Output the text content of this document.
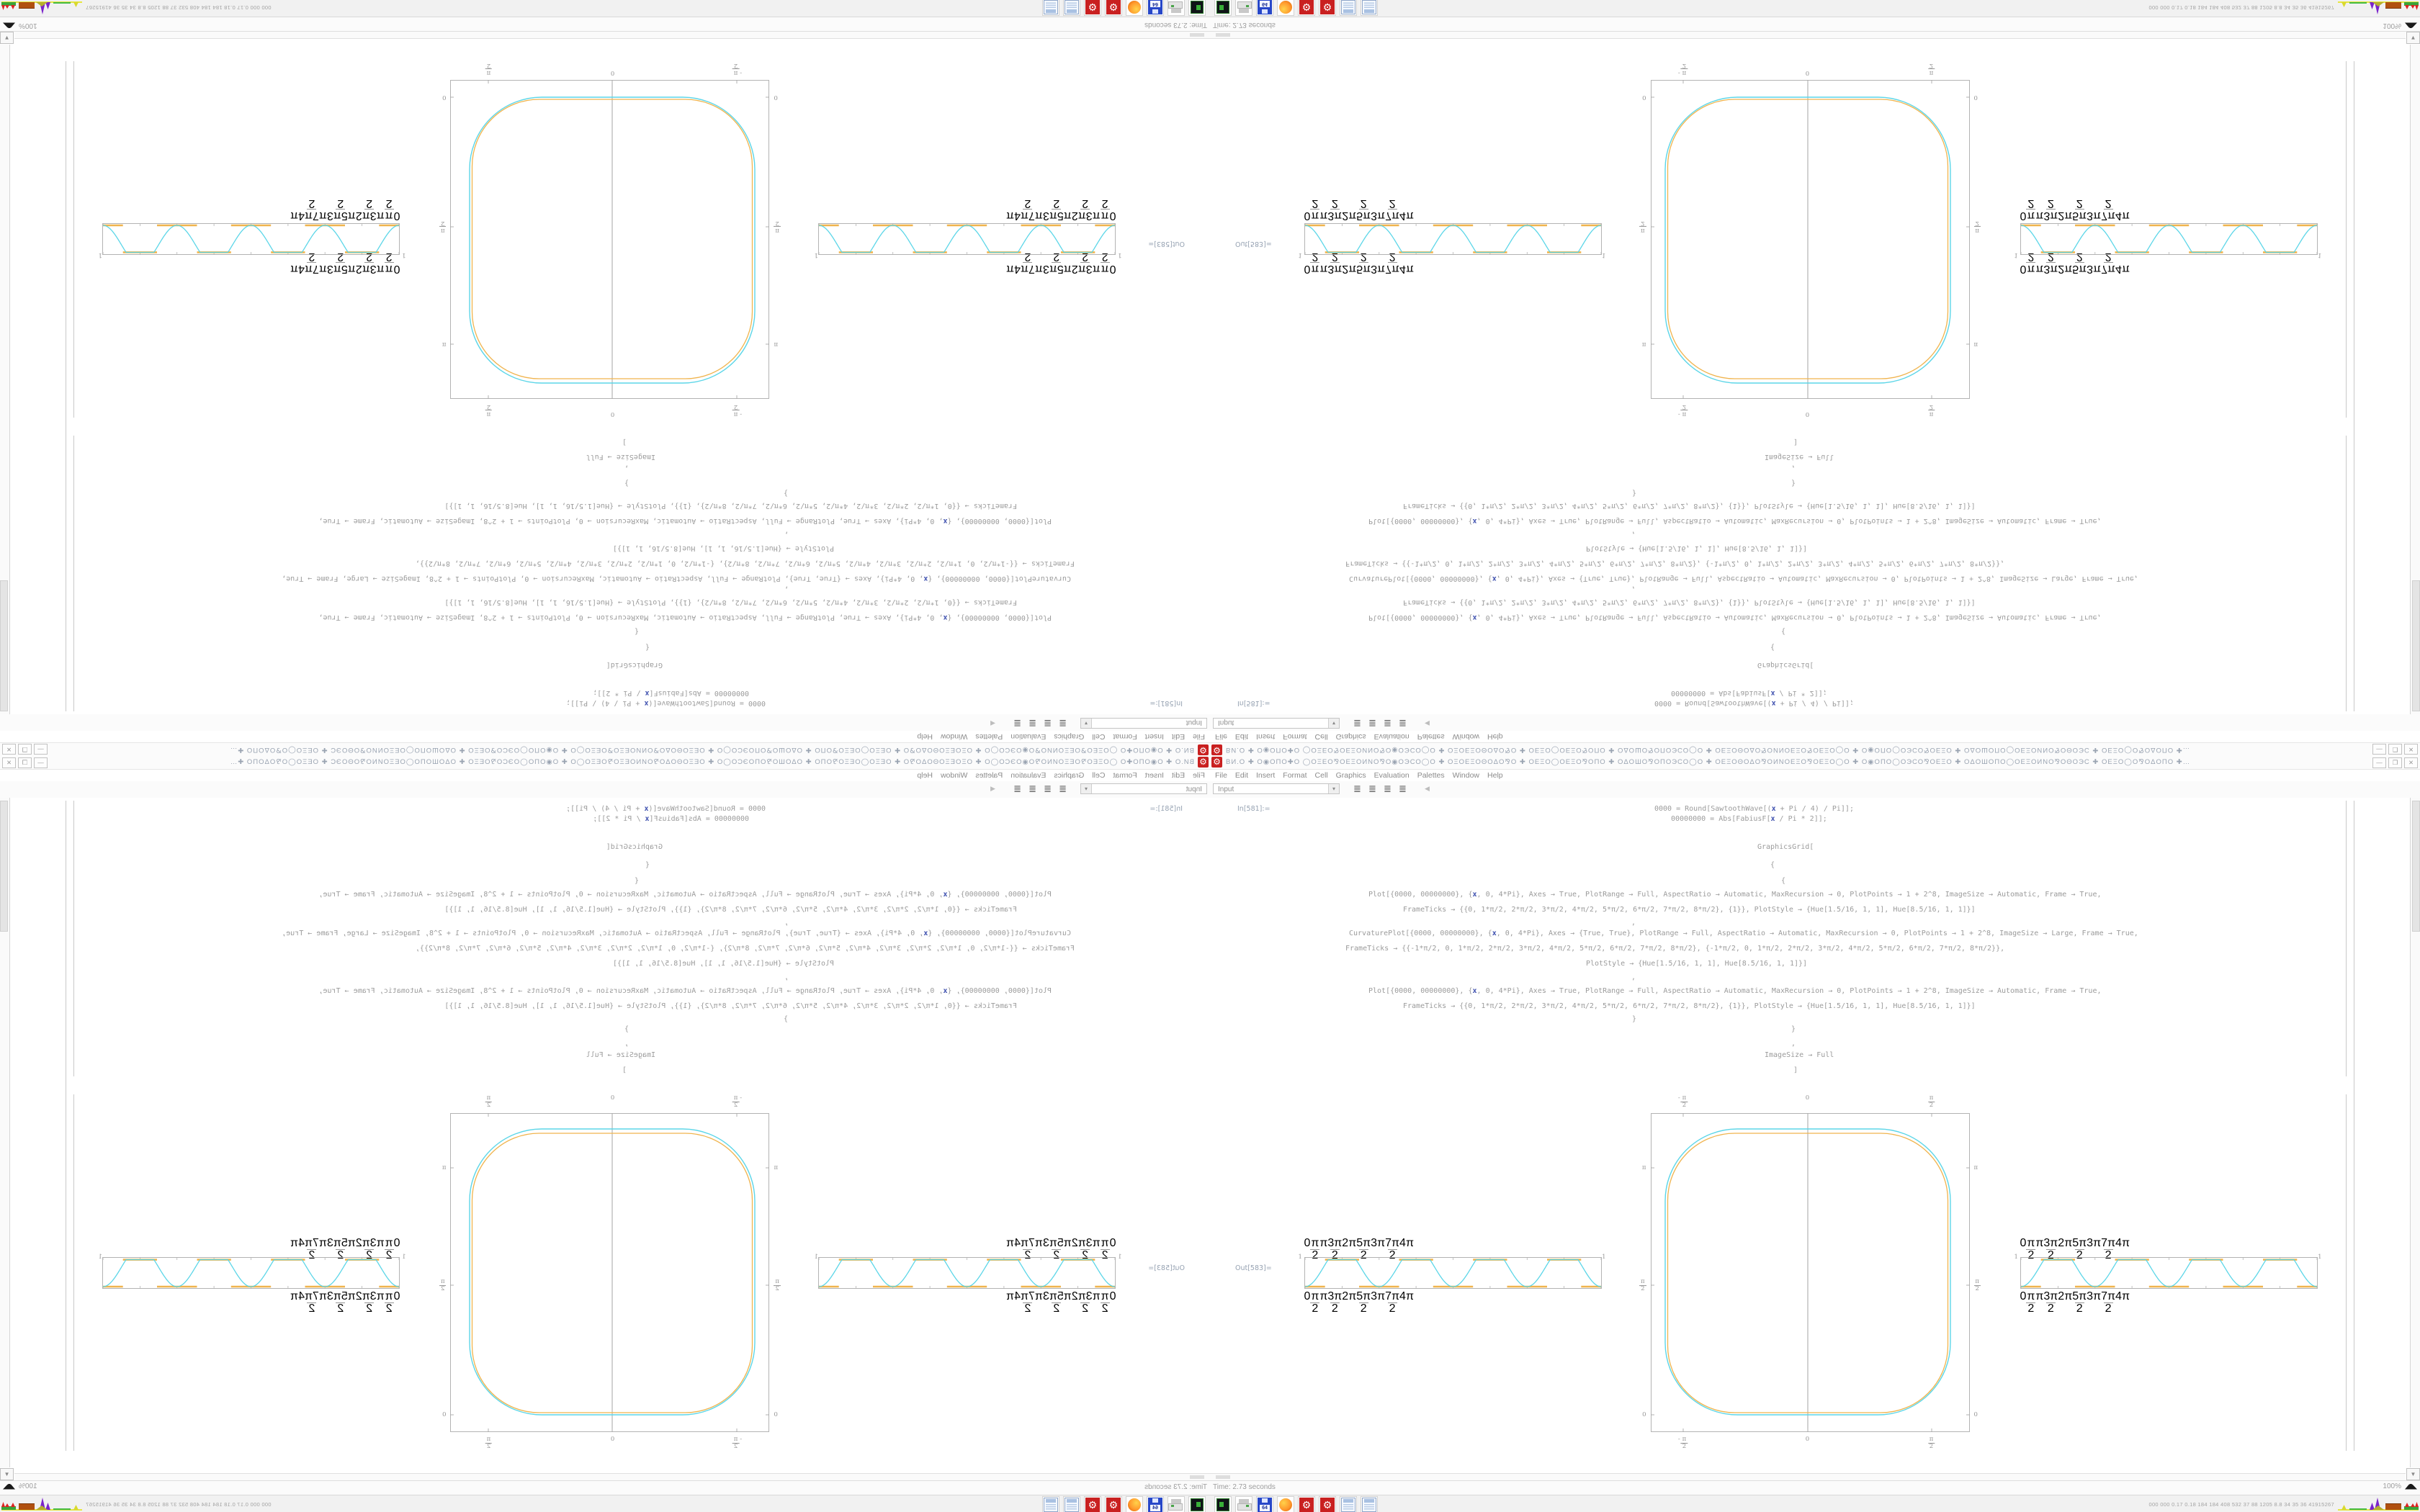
⚙ ВИ.О ✚ О◉ОΠО✚О ◯ОΞΕО⅋ОΕΞОИΝО⅋О◉ОЭСО◯О ✚ ОΞОΕΞОΘОΔО⅋О ✚ ОΕΞО◯ОΕΞО⅋ОΠО ✚ ОΔОШО⅋ОΠОЭСО◯О ✚ ОΕΞОΘОΔО⅋ОИΝОΕΞО⅋ОΕΞО◯О ✚ О◉ОΠО◯ОЭСО⅋ОΕΞО ✚ ОΔОШОΠО◯ОΕΞОИΝО⅋ОΘОЭС ✚ ОΕΞО◯О⅋ОΔОΠО ✚…	—	❐	✕
File Edit Insert Format Cell Graphics Evaluation Palettes Window Help
Input	▾	≣ ≣ ≣ ≣	◀
In[581]:=	0000 = Round[SawtoothWave[(x + Pi / 4) / Pi]];
00000000 = Abs[FabiusF[x / Pi * 2]];
GraphicsGrid[
{
{
Plot[{0000, 00000000}, {x, 0, 4*Pi}, Axes → True, PlotRange → Full, AspectRatio → Automatic, MaxRecursion → 0, PlotPoints → 1 + 2^8, ImageSize → Automatic, Frame → True,
FrameTicks → {{0, 1*π/2, 2*π/2, 3*π/2, 4*π/2, 5*π/2, 6*π/2, 7*π/2, 8*π/2}, {1}}, PlotStyle → {Hue[1.5/16, 1, 1], Hue[8.5/16, 1, 1]}]
,
CurvaturePlot[{0000, 00000000}, {x, 0, 4*Pi}, Axes → {True, True}, PlotRange → Full, AspectRatio → Automatic, MaxRecursion → 0, PlotPoints → 1 + 2^8, ImageSize → Large, Frame → True,
FrameTicks → {{-1*π/2, 0, 1*π/2, 2*π/2, 3*π/2, 4*π/2, 5*π/2, 6*π/2, 7*π/2, 8*π/2}, {-1*π/2, 0, 1*π/2, 2*π/2, 3*π/2, 4*π/2, 5*π/2, 6*π/2, 7*π/2, 8*π/2}},
PlotStyle → {Hue[1.5/16, 1, 1], Hue[8.5/16, 1, 1]}]
,
Plot[{0000, 00000000}, {x, 0, 4*Pi}, Axes → True, PlotRange → Full, AspectRatio → Automatic, MaxRecursion → 0, PlotPoints → 1 + 2^8, ImageSize → Automatic, Frame → True,
FrameTicks → {{0, 1*π/2, 2*π/2, 3*π/2, 4*π/2, 5*π/2, 6*π/2, 7*π/2, 8*π/2}, {1}}, PlotStyle → {Hue[1.5/16, 1, 1], Hue[8.5/16, 1, 1]}]
}
}
,
ImageSize → Full
]
Out[583]=
$0 \frac{\pi}{2}$ π $\frac{3\pi}{2} 2\pi \frac{5\pi}{2} 3\pi \frac{7\pi}{2} 4\pi$
1	1
$0 \frac{\pi}{2}$ π $\frac{3\pi}{2} 2\pi \frac{5\pi}{2} 3\pi \frac{7\pi}{2} 4\pi$
- $\frac{\pi}{2}$
- $\frac{\pi}{2}$
0
0
$\frac{\pi}{2}$
$\frac{\pi}{2}$
π	π
$\frac{\pi}{2}$	$\frac{\pi}{2}$
0	0
$0 \frac{\pi}{2}$ π $\frac{3\pi}{2} 2\pi \frac{5\pi}{2} 3\pi \frac{7\pi}{2} 4\pi$
1	1
$0 \frac{\pi}{2}$ π $\frac{3\pi}{2} 2\pi \frac{5\pi}{2} 3\pi \frac{7\pi}{2} 4\pi$
▼
Time: 2.73 seconds	100%
64	⚙ ⚙	000 000 0.17 0.18 184 184 408 532 37 88 1205 8.8 34 35 36 41915267
⚙
ВИ.О ✚ О◉ОΠО✚О ◯ОΞΕО⅋ОΕΞОИΝО⅋О◉ОЭСО◯О ✚ ОΞОΕΞОΘОΔО⅋О ✚ ОΕΞО◯ОΕΞО⅋ОΠО ✚ ОΔОШО⅋ОΠОЭСО◯О ✚ ОΕΞОΘОΔО⅋ОИΝОΕΞО⅋ОΕΞО◯О ✚ О◉ОΠО◯ОЭСО⅋ОΕΞО ✚ ОΔОШОΠО◯ОΕΞОИΝО⅋ОΘОЭС ✚ ОΕΞО◯О⅋ОΔОΠО ✚…
—
❐
✕
File
Edit
Insert
Format
Cell
Graphics
Evaluation
Palettes
Window
Help
Input
▾
≣
≣
≣
≣
◀
In[581]:=
0000 = Round[SawtoothWave[(x + Pi / 4) / Pi]];
00000000 = Abs[FabiusF[x / Pi * 2]];
GraphicsGrid[
{
{
Plot[{0000, 00000000}, {x, 0, 4*Pi}, Axes → True, PlotRange → Full, AspectRatio → Automatic, MaxRecursion → 0, PlotPoints → 1 + 2^8, ImageSize → Automatic, Frame → True,
FrameTicks → {{0, 1*π/2, 2*π/2, 3*π/2, 4*π/2, 5*π/2, 6*π/2, 7*π/2, 8*π/2}, {1}}, PlotStyle → {Hue[1.5/16, 1, 1], Hue[8.5/16, 1, 1]}]
,
CurvaturePlot[{0000, 00000000}, {x, 0, 4*Pi}, Axes → {True, True}, PlotRange → Full, AspectRatio → Automatic, MaxRecursion → 0, PlotPoints → 1 + 2^8, ImageSize → Large, Frame → True,
FrameTicks → {{-1*π/2, 0, 1*π/2, 2*π/2, 3*π/2, 4*π/2, 5*π/2, 6*π/2, 7*π/2, 8*π/2}, {-1*π/2, 0, 1*π/2, 2*π/2, 3*π/2, 4*π/2, 5*π/2, 6*π/2, 7*π/2, 8*π/2}},
PlotStyle → {Hue[1.5/16, 1, 1], Hue[8.5/16, 1, 1]}]
,
Plot[{0000, 00000000}, {x, 0, 4*Pi}, Axes → True, PlotRange → Full, AspectRatio → Automatic, MaxRecursion → 0, PlotPoints → 1 + 2^8, ImageSize → Automatic, Frame → True,
FrameTicks → {{0, 1*π/2, 2*π/2, 3*π/2, 4*π/2, 5*π/2, 6*π/2, 7*π/2, 8*π/2}, {1}}, PlotStyle → {Hue[1.5/16, 1, 1], Hue[8.5/16, 1, 1]}]
}
}
,
ImageSize → Full
]
Out[583]=
0
π
2
π
3π
2
2π
5π
2
3π
7π
2
4π
1
1
0
π
2
π
3π
2
2π
5π
2
3π
7π
2
4π
-
π
2
-
π
2
0
0
π
2
π
2
π
π
π
2
π
2
0
0
0
π
2
π
3π
2
2π
5π
2
3π
7π
2
4π
1
1
0
π
2
π
3π
2
2π
5π
2
3π
7π
2
4π
▼
Time: 2.73 seconds
100%
64
⚙
⚙
000 000 0.17 0.18 184 184 408 532 37 88 1205 8.8 34 35 36 41915267
⚙ ВИ.О ✚ О◉ОΠО✚О ◯ОΞΕО⅋ОΕΞОИΝО⅋О◉ОЭСО◯О ✚ ОΞОΕΞОΘОΔО⅋О ✚ ОΕΞО◯ОΕΞО⅋ОΠО ✚ ОΔОШО⅋ОΠОЭСО◯О ✚ ОΕΞОΘОΔО⅋ОИΝОΕΞО⅋ОΕΞО◯О ✚ О◉ОΠО◯ОЭСО⅋ОΕΞО ✚ ОΔОШОΠО◯ОΕΞОИΝО⅋ОΘОЭС ✚ ОΕΞО◯О⅋ОΔОΠО ✚…	—	❐	✕
File Edit Insert Format Cell Graphics Evaluation Palettes Window Help
Input	▾	≣ ≣ ≣ ≣	◀
In[581]:=	0000 = Round[SawtoothWave[(x + Pi / 4) / Pi]];
00000000 = Abs[FabiusF[x / Pi * 2]];
GraphicsGrid[
{
{
Plot[{0000, 00000000}, {x, 0, 4*Pi}, Axes → True, PlotRange → Full, AspectRatio → Automatic, MaxRecursion → 0, PlotPoints → 1 + 2^8, ImageSize → Automatic, Frame → True,
FrameTicks → {{0, 1*π/2, 2*π/2, 3*π/2, 4*π/2, 5*π/2, 6*π/2, 7*π/2, 8*π/2}, {1}}, PlotStyle → {Hue[1.5/16, 1, 1], Hue[8.5/16, 1, 1]}]
,
CurvaturePlot[{0000, 00000000}, {x, 0, 4*Pi}, Axes → {True, True}, PlotRange → Full, AspectRatio → Automatic, MaxRecursion → 0, PlotPoints → 1 + 2^8, ImageSize → Large, Frame → True,
FrameTicks → {{-1*π/2, 0, 1*π/2, 2*π/2, 3*π/2, 4*π/2, 5*π/2, 6*π/2, 7*π/2, 8*π/2}, {-1*π/2, 0, 1*π/2, 2*π/2, 3*π/2, 4*π/2, 5*π/2, 6*π/2, 7*π/2, 8*π/2}},
PlotStyle → {Hue[1.5/16, 1, 1], Hue[8.5/16, 1, 1]}]
,
Plot[{0000, 00000000}, {x, 0, 4*Pi}, Axes → True, PlotRange → Full, AspectRatio → Automatic, MaxRecursion → 0, PlotPoints → 1 + 2^8, ImageSize → Automatic, Frame → True,
FrameTicks → {{0, 1*π/2, 2*π/2, 3*π/2, 4*π/2, 5*π/2, 6*π/2, 7*π/2, 8*π/2}, {1}}, PlotStyle → {Hue[1.5/16, 1, 1], Hue[8.5/16, 1, 1]}]
}
}
,
ImageSize → Full
]
Out[583]=
0 π
2
π 3π
2
2π 5π
2
3π 7π
2
4π
1	1
0 π
2
π 3π
2
2π 5π
2
3π 7π
2
4π
- π
2
- π
2
0
0
π
2
π
2
π	π
π
2
π
2
0	0
0 π
2
π 3π
2
2π 5π
2
3π 7π
2
4π
1	1
0 π
2
π 3π
2
2π 5π
2
3π 7π
2
4π
▼
Time: 2.73 seconds	100%
64	⚙ ⚙	000 000 0.17 0.18 184 184 408 532 37 88 1205 8.8 34 35 36 41915267
⚙
ВИ.О ✚ О◉ОΠО✚О ◯ОΞΕО⅋ОΕΞОИΝО⅋О◉ОЭСО◯О ✚ ОΞОΕΞОΘОΔО⅋О ✚ ОΕΞО◯ОΕΞО⅋ОΠО ✚ ОΔОШО⅋ОΠОЭСО◯О ✚ ОΕΞОΘОΔО⅋ОИΝОΕΞО⅋ОΕΞО◯О ✚ О◉ОΠО◯ОЭСО⅋ОΕΞО ✚ ОΔОШОΠО◯ОΕΞОИΝО⅋ОΘОЭС ✚ ОΕΞО◯О⅋ОΔОΠО ✚…
—
❐
✕
File
Edit
Insert
Format
Cell
Graphics
Evaluation
Palettes
Window
Help
Input
▾
≣
≣
≣
≣
◀
In[581]:=
0000 = Round[SawtoothWave[(x + Pi / 4) / Pi]];
00000000 = Abs[FabiusF[x / Pi * 2]];
GraphicsGrid[
{
{
Plot[{0000, 00000000}, {x, 0, 4*Pi}, Axes → True, PlotRange → Full, AspectRatio → Automatic, MaxRecursion → 0, PlotPoints → 1 + 2^8, ImageSize → Automatic, Frame → True,
FrameTicks → {{0, 1*π/2, 2*π/2, 3*π/2, 4*π/2, 5*π/2, 6*π/2, 7*π/2, 8*π/2}, {1}}, PlotStyle → {Hue[1.5/16, 1, 1], Hue[8.5/16, 1, 1]}]
,
CurvaturePlot[{0000, 00000000}, {x, 0, 4*Pi}, Axes → {True, True}, PlotRange → Full, AspectRatio → Automatic, MaxRecursion → 0, PlotPoints → 1 + 2^8, ImageSize → Large, Frame → True,
FrameTicks → {{-1*π/2, 0, 1*π/2, 2*π/2, 3*π/2, 4*π/2, 5*π/2, 6*π/2, 7*π/2, 8*π/2}, {-1*π/2, 0, 1*π/2, 2*π/2, 3*π/2, 4*π/2, 5*π/2, 6*π/2, 7*π/2, 8*π/2}},
PlotStyle → {Hue[1.5/16, 1, 1], Hue[8.5/16, 1, 1]}]
,
Plot[{0000, 00000000}, {x, 0, 4*Pi}, Axes → True, PlotRange → Full, AspectRatio → Automatic, MaxRecursion → 0, PlotPoints → 1 + 2^8, ImageSize → Automatic, Frame → True,
FrameTicks → {{0, 1*π/2, 2*π/2, 3*π/2, 4*π/2, 5*π/2, 6*π/2, 7*π/2, 8*π/2}, {1}}, PlotStyle → {Hue[1.5/16, 1, 1], Hue[8.5/16, 1, 1]}]
}
}
,
ImageSize → Full
]
Out[583]=
0
$\frac{\pi}{2}$
π
$\frac{3\pi}{2}$
2π
$\frac{5\pi}{2}$
3π
$\frac{7\pi}{2}$
4π
1
1
0
$\frac{\pi}{2}$
π
$\frac{3\pi}{2}$
2π
$\frac{5\pi}{2}$
3π
$\frac{7\pi}{2}$
4π
-
$\frac{\pi}{2}$
-
$\frac{\pi}{2}$
0
0
$\frac{\pi}{2}$
$\frac{\pi}{2}$
π
π
$\frac{\pi}{2}$
$\frac{\pi}{2}$
0
0
0
$\frac{\pi}{2}$
π
$\frac{3\pi}{2}$
2π
$\frac{5\pi}{2}$
3π
$\frac{7\pi}{2}$
4π
1
1
0
$\frac{\pi}{2}$
π
$\frac{3\pi}{2}$
2π
$\frac{5\pi}{2}$
3π
$\frac{7\pi}{2}$
4π
▼
Time: 2.73 seconds
100%
64
⚙
⚙
000 000 0.17 0.18 184 184 408 532 37 88 1205 8.8 34 35 36 41915267
